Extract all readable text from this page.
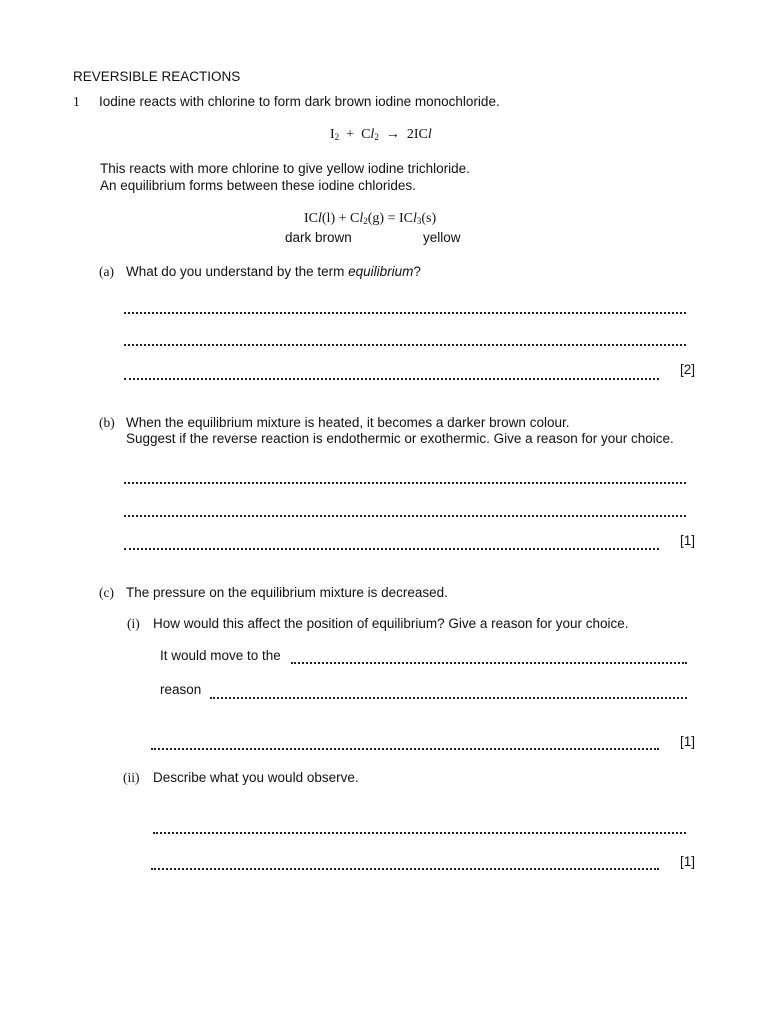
REVERSIBLE REACTIONS
1 Iodine reacts with chlorine to form dark brown iodine monochloride.
$I_2 + Cl_2 \to 2ICl$
This reacts with more chlorine to give yellow iodine trichloride.
An equilibrium forms between these iodine chlorides.
$ICl(l) + Cl_2(g) = ICl_3(s)$
dark brown	yellow
(a) What do you understand by the term equilibrium?
[2]
(b) When the equilibrium mixture is heated, it becomes a darker brown colour.
Suggest if the reverse reaction is endothermic or exothermic. Give a reason for your choice.
[1]
(c) The pressure on the equilibrium mixture is decreased.
(i) How would this affect the position of equilibrium? Give a reason for your choice.
It would move to the
reason
[1]
(ii) Describe what you would observe.
[1]
